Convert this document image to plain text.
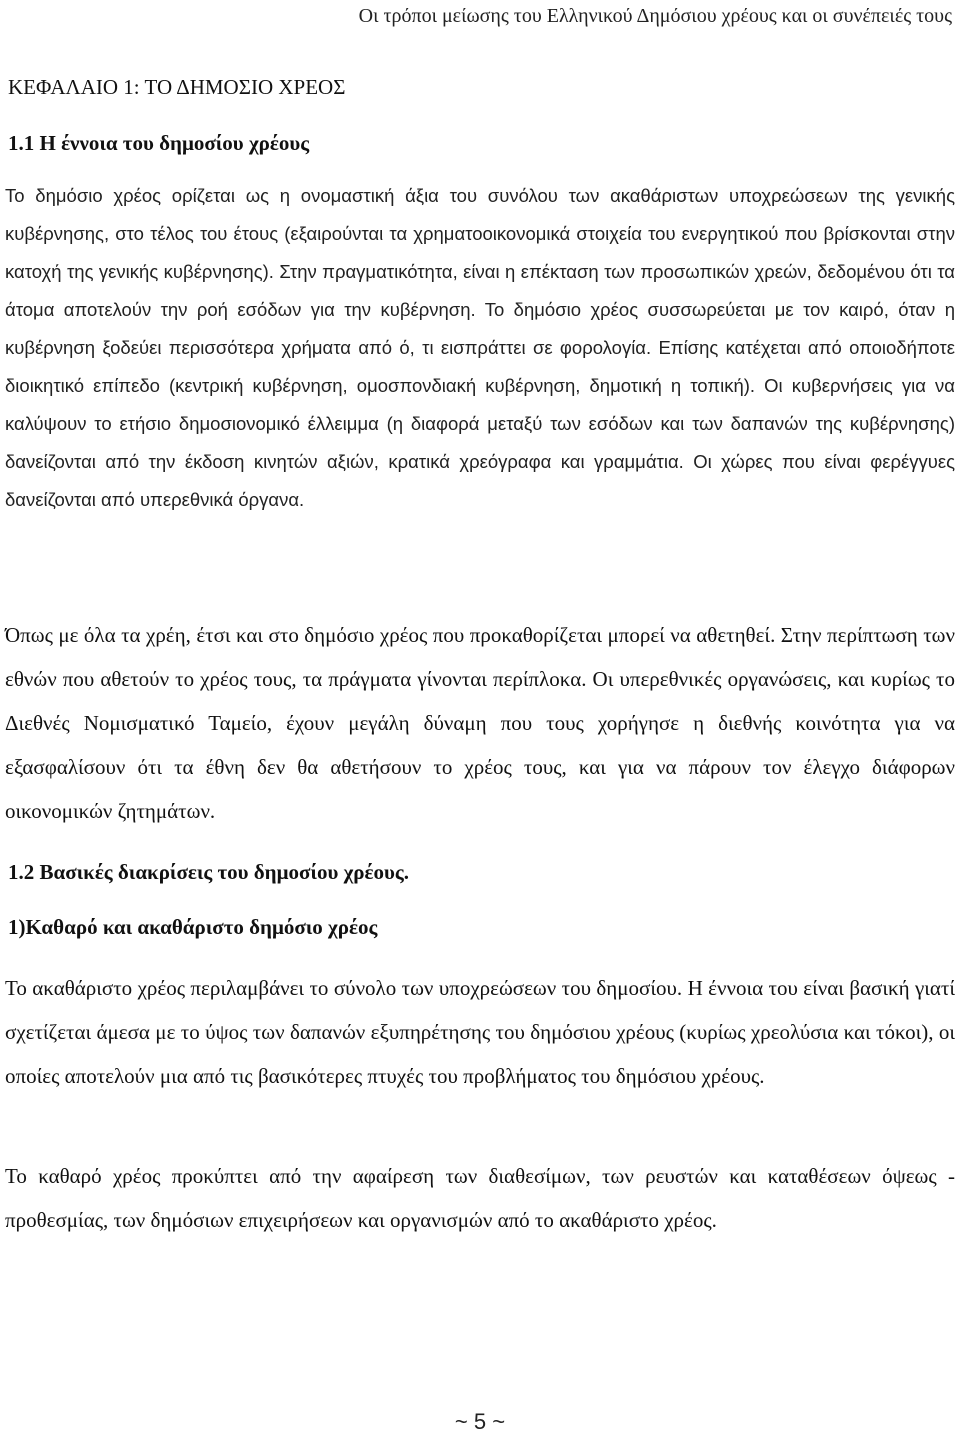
Οι τρόποι μείωσης του Ελληνικού Δημόσιου χρέους και οι συνέπειές τους
ΚΕΦΑΛΑΙΟ 1: ΤΟ ΔΗΜΟΣΙΟ ΧΡΕΟΣ
1.1 Η έννοια του δημοσίου χρέους

Το δημόσιο χρέος ορίζεται ως η ονομαστική άξια του συνόλου των ακαθάριστων υποχρεώσεων της γενικής κυβέρνησης, στο τέλος του έτους (εξαιρούνται τα χρηματοοικονομικά στοιχεία του ενεργητικού που βρίσκονται στην κατοχή της γενικής κυβέρνησης). Στην πραγματικότητα, είναι η επέκταση των προσωπικών χρεών, δεδομένου ότι τα άτομα αποτελούν την ροή εσόδων για την κυβέρνηση. Το δημόσιο χρέος συσσωρεύεται με τον καιρό, όταν η κυβέρνηση ξοδεύει περισσότερα χρήματα από ό, τι εισπράττει σε φορολογία. Επίσης κατέχεται από οποιοδήποτε διοικητικό επίπεδο (κεντρική κυβέρνηση, ομοσπονδιακή κυβέρνηση, δημοτική η τοπική). Οι κυβερνήσεις για να καλύψουν το ετήσιο δημοσιονομικό έλλειμμα (η διαφορά μεταξύ των εσόδων και των δαπανών της κυβέρνησης) δανείζονται από την έκδοση κινητών αξιών, κρατικά χρεόγραφα και γραμμάτια. Οι χώρες που είναι φερέγγυες δανείζονται από υπερεθνικά όργανα.

Όπως με όλα τα χρέη, έτσι και στο δημόσιο χρέος που προκαθορίζεται μπορεί να αθετηθεί. Στην περίπτωση των εθνών που αθετούν το χρέος τους, τα πράγματα γίνονται περίπλοκα. Οι υπερεθνικές οργανώσεις, και κυρίως το Διεθνές Νομισματικό Ταμείο, έχουν μεγάλη δύναμη που τους χορήγησε η διεθνής κοινότητα για να εξασφαλίσουν ότι τα έθνη δεν θα αθετήσουν το χρέος τους, και για να πάρουν τον έλεγχο διάφορων οικονομικών ζητημάτων.

1.2 Βασικές διακρίσεις του δημοσίου χρέους.
1)Καθαρό και ακαθάριστο δημόσιο χρέος

Το ακαθάριστο χρέος περιλαμβάνει το σύνολο των υποχρεώσεων του δημοσίου. Η έννοια του είναι βασική γιατί σχετίζεται άμεσα με το ύψος των δαπανών εξυπηρέτησης του δημόσιου χρέους (κυρίως χρεολύσια και τόκοι), οι οποίες αποτελούν μια από τις βασικότερες πτυχές του προβλήματος του δημόσιου χρέους.

Το καθαρό χρέος προκύπτει από την αφαίρεση των διαθεσίμων, των ρευστών και καταθέσεων όψεως - προθεσμίας, των δημόσιων επιχειρήσεων και οργανισμών από το ακαθάριστο χρέος.

~ 5 ~
